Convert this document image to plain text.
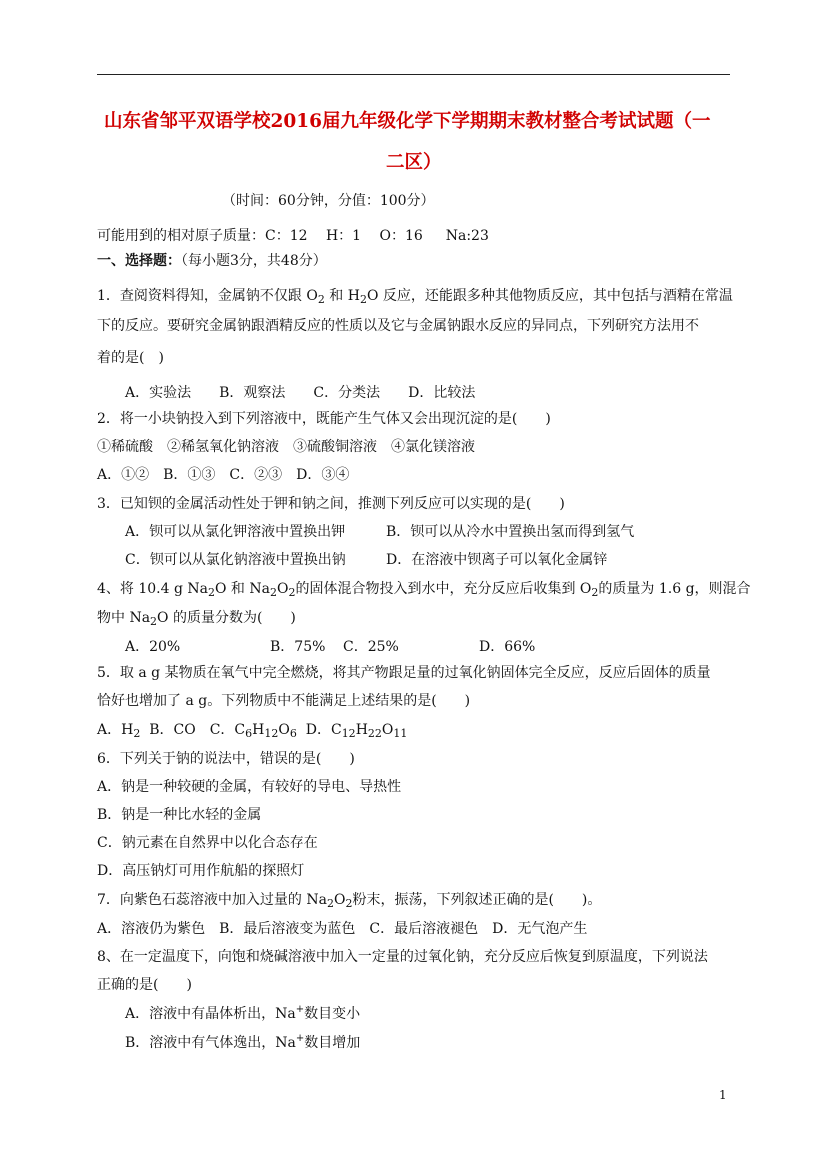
山东省邹平双语学校2016届九年级化学下学期期末教材整合考试试题（一
二区）
（时间：60分钟，分值：100分）
可能用到的相对原子质量：C：12　 H：1　 O：16 　 Na:23
一、选择题：（每小题3分，共48分）
1．查阅资料得知，金属钠不仅跟 $O_2$ 和 $H_2O$ 反应，还能跟多种其他物质反应，其中包括与酒精在常温
下的反应。要研究金属钠跟酒精反应的性质以及它与金属钠跟水反应的异同点，下列研究方法用不
着的是(　)
A．实验法　　B．观察法　　C．分类法　　D．比较法
2．将一小块钠投入到下列溶液中，既能产生气体又会出现沉淀的是(　　)
①稀硫酸　②稀氢氧化钠溶液　③硫酸铜溶液　④氯化镁溶液
A．①②　B．①③　C．②③　D．③④
3．已知钡的金属活动性处于钾和钠之间，推测下列反应可以实现的是(　　)
A．钡可以从氯化钾溶液中置换出钾	B．钡可以从冷水中置换出氢而得到氢气
C．钡可以从氯化钠溶液中置换出钠	D．在溶液中钡离子可以氧化金属锌
4、将 10.4 g $Na_2O$ 和 $Na_2O_2$的固体混合物投入到水中，充分反应后收集到 $O_2$的质量为 1.6 g，则混合
物中 $Na_2O$ 的质量分数为(　　)
A．20%	B．75% C．25%	D．66%
5．取 a g 某物质在氧气中完全燃烧，将其产物跟足量的过氧化钠固体完全反应，反应后固体的质量
恰好也增加了 a g。下列物质中不能满足上述结果的是(　　)
A．$H_2$ B．CO　C．$C_6H_{12}O_6$ D．$C_{12}H_{22}O_{11}$
6．下列关于钠的说法中，错误的是(　　)
A．钠是一种较硬的金属，有较好的导电、导热性
B．钠是一种比水轻的金属
C．钠元素在自然界中以化合态存在
D．高压钠灯可用作航船的探照灯
7．向紫色石蕊溶液中加入过量的 $Na_2O_2$粉末，振荡，下列叙述正确的是(　　)。
A．溶液仍为紫色　B．最后溶液变为蓝色　C．最后溶液褪色　D．无气泡产生
8、在一定温度下，向饱和烧碱溶液中加入一定量的过氧化钠，充分反应后恢复到原温度，下列说法
正确的是(　　)
A．溶液中有晶体析出，Na+数目变小
B．溶液中有气体逸出，Na+数目增加
1
